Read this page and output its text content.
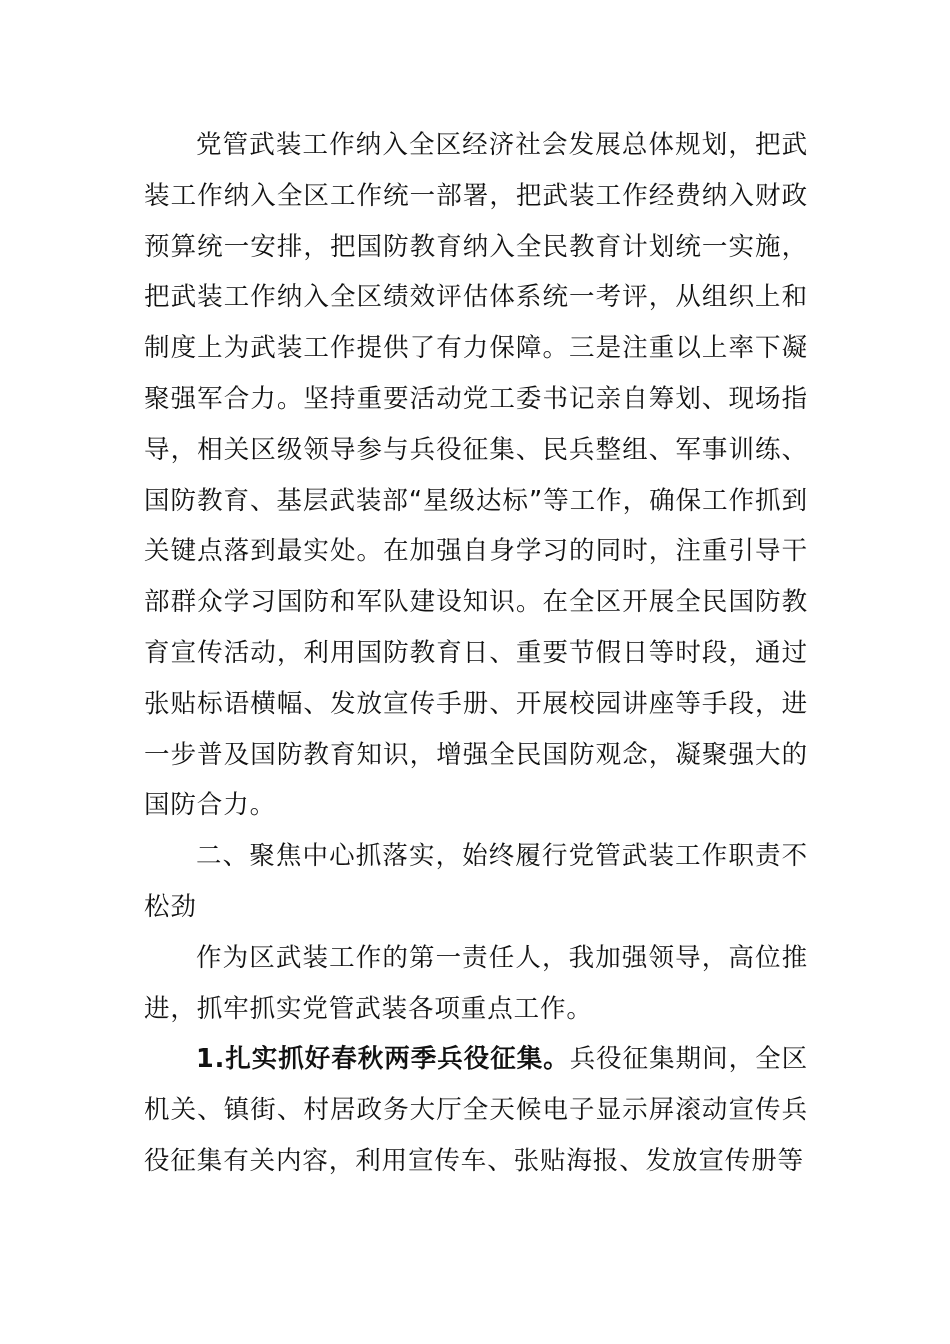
党管武装工作纳入全区经济社会发展总体规划，把武装工作纳入全区工作统一部署，把武装工作经费纳入财政预算统一安排，把国防教育纳入全民教育计划统一实施，把武装工作纳入全区绩效评估体系统一考评，从组织上和制度上为武装工作提供了有力保障。三是注重以上率下凝聚强军合力。坚持重要活动党工委书记亲自筹划、现场指导，相关区级领导参与兵役征集、民兵整组、军事训练、国防教育、基层武装部“星级达标”等工作，确保工作抓到关键点落到最实处。在加强自身学习的同时，注重引导干部群众学习国防和军队建设知识。在全区开展全民国防教育宣传活动，利用国防教育日、重要节假日等时段，通过张贴标语横幅、发放宣传手册、开展校园讲座等手段，进一步普及国防教育知识，增强全民国防观念，凝聚强大的国防合力。

二、聚焦中心抓落实，始终履行党管武装工作职责不松劲

作为区武装工作的第一责任人，我加强领导，高位推进，抓牢抓实党管武装各项重点工作。

1.扎实抓好春秋两季兵役征集。兵役征集期间，全区机关、镇街、村居政务大厅全天候电子显示屏滚动宣传兵役征集有关内容，利用宣传车、张贴海报、发放宣传册等
